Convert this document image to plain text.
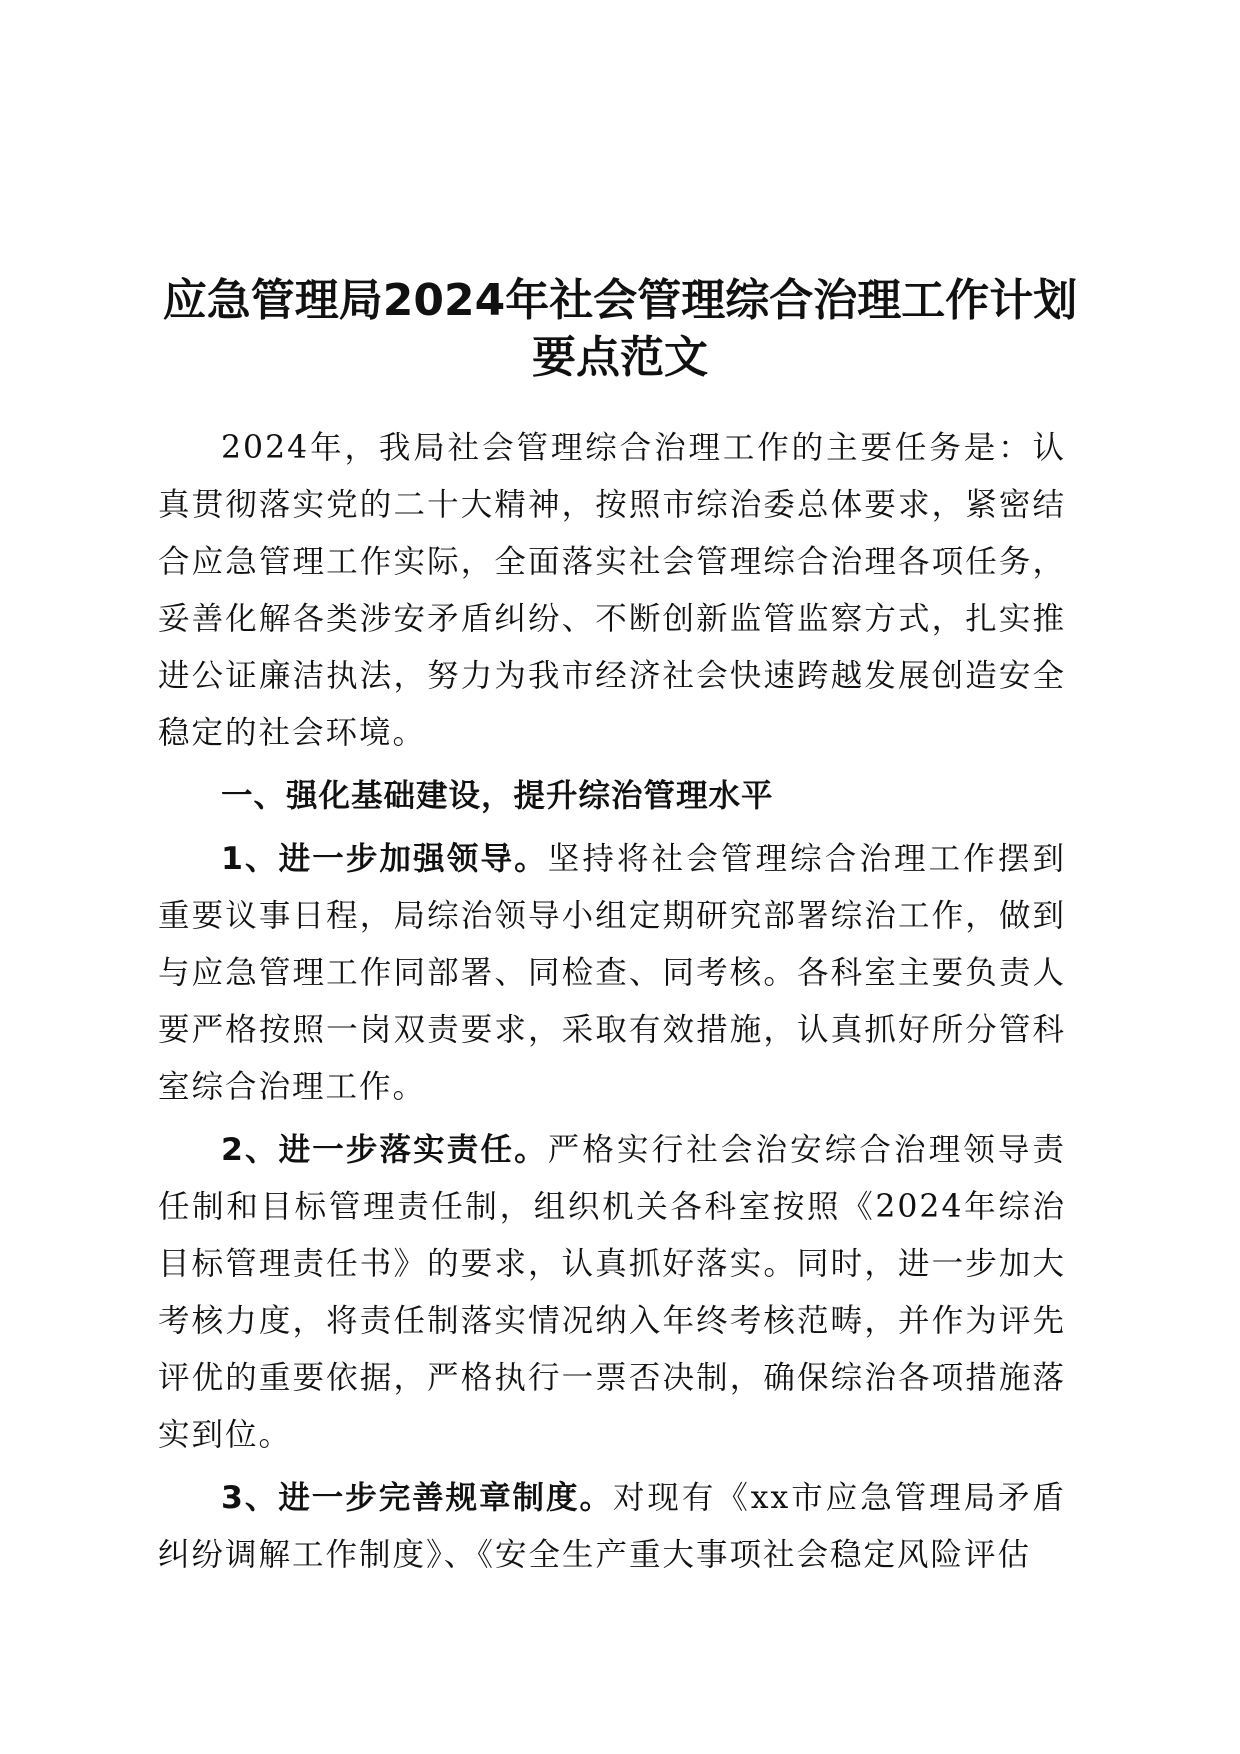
应急管理局2024年社会管理综合治理工作计划要点范文

2024年，我局社会管理综合治理工作的主要任务是：认真贯彻落实党的二十大精神，按照市综治委总体要求，紧密结合应急管理工作实际，全面落实社会管理综合治理各项任务，妥善化解各类涉安矛盾纠纷、不断创新监管监察方式，扎实推进公证廉洁执法，努力为我市经济社会快速跨越发展创造安全稳定的社会环境。

一、强化基础建设，提升综治管理水平

1、进一步加强领导。坚持将社会管理综合治理工作摆到重要议事日程，局综治领导小组定期研究部署综治工作，做到与应急管理工作同部署、同检查、同考核。各科室主要负责人要严格按照一岗双责要求，采取有效措施，认真抓好所分管科室综合治理工作。

2、进一步落实责任。严格实行社会治安综合治理领导责任制和目标管理责任制，组织机关各科室按照《2024年综治目标管理责任书》的要求，认真抓好落实。同时，进一步加大考核力度，将责任制落实情况纳入年终考核范畴，并作为评先评优的重要依据，严格执行一票否决制，确保综治各项措施落实到位。

3、进一步完善规章制度。对现有《xx市应急管理局矛盾纠纷调解工作制度》、《安全生产重大事项社会稳定风险评估
